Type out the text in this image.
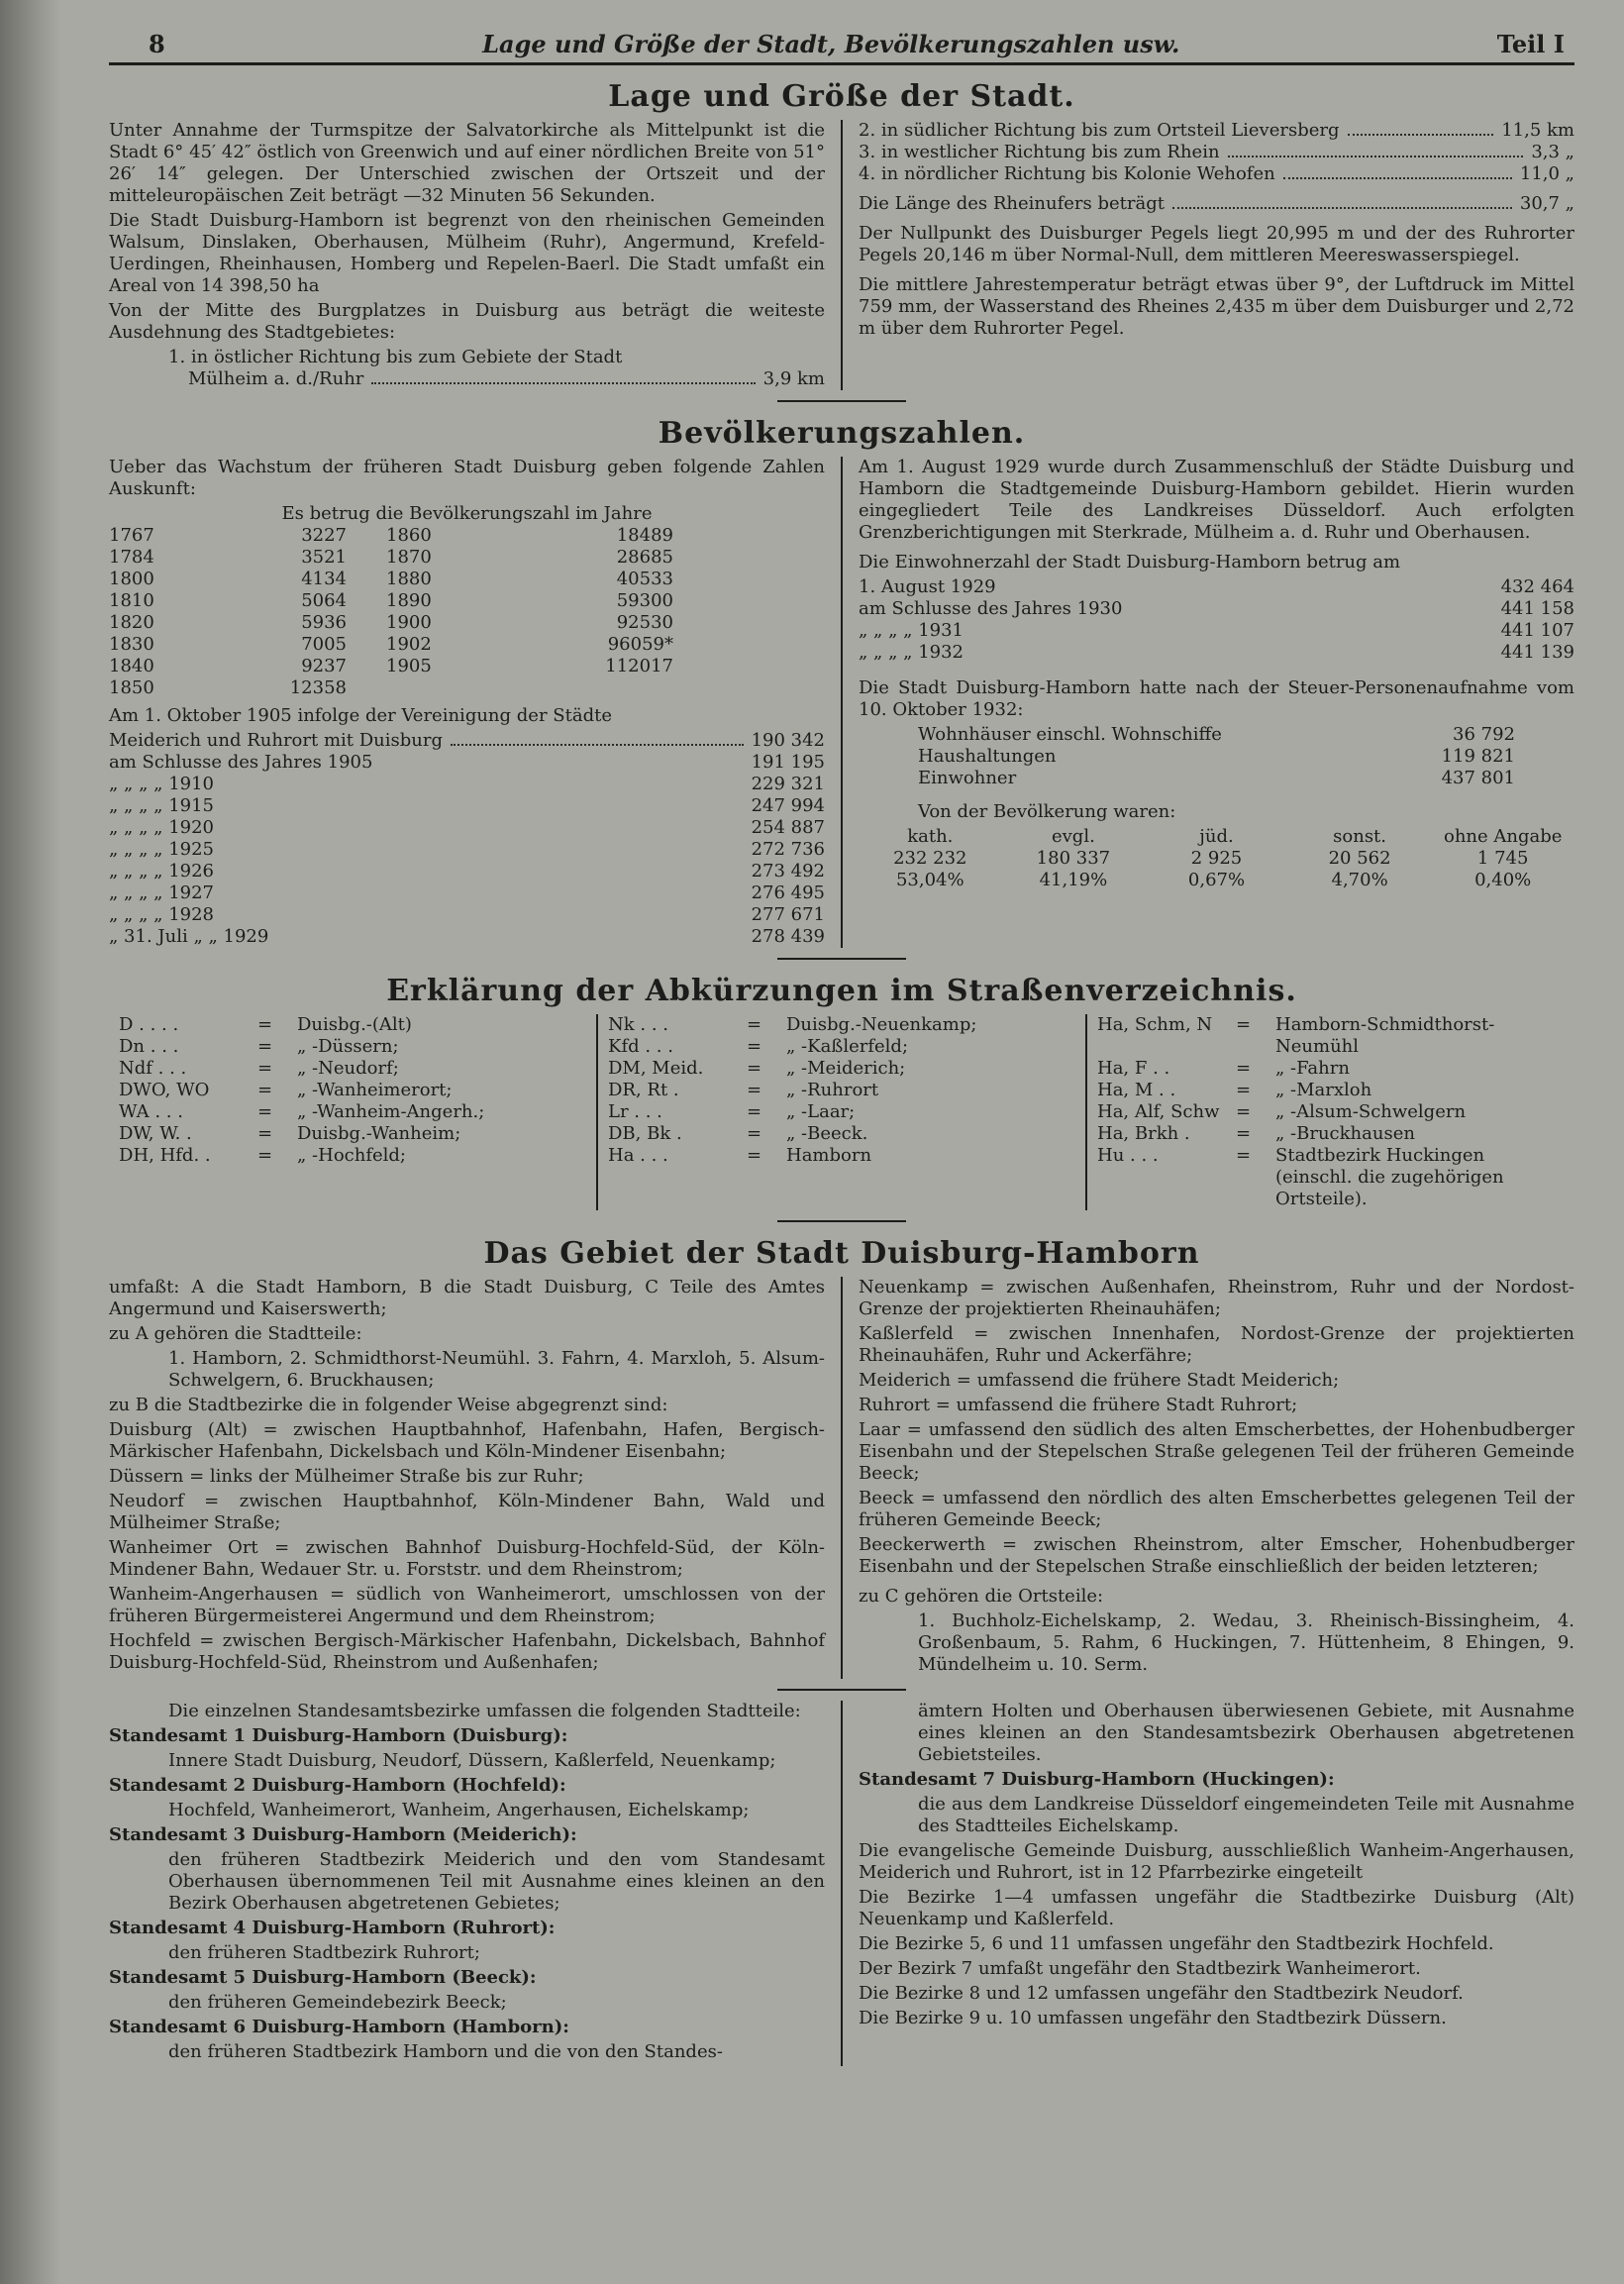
8	Lage und Größe der Stadt, Bevölkerungszahlen usw.	Teil I
Lage und Größe der Stadt.

Unter Annahme der Turmspitze der Salvatorkirche als Mittelpunkt ist die Stadt 6° 45′ 42″ östlich von Greenwich und auf einer nördlichen Breite von 51° 26′ 14″ gelegen. Der Unterschied zwischen der Ortszeit und der mitteleuropäischen Zeit beträgt —32 Minuten 56 Sekunden.

Die Stadt Duisburg-Hamborn ist begrenzt von den rheinischen Gemeinden Walsum, Dinslaken, Oberhausen, Mülheim (Ruhr), Angermund, Krefeld-Uerdingen, Rheinhausen, Homberg und Repelen-Baerl. Die Stadt umfaßt ein Areal von 14 398,50 ha

Von der Mitte des Burgplatzes in Duisburg aus beträgt die weiteste Ausdehnung des Stadtgebietes:

1. in östlicher Richtung bis zum Gebiete der Stadt
Mülheim a. d./Ruhr	3,9 km
2. in südlicher Richtung bis zum Ortsteil Lieversberg	11,5 km
3. in westlicher Richtung bis zum Rhein	3,3 „
4. in nördlicher Richtung bis Kolonie Wehofen	11,0 „
Die Länge des Rheinufers beträgt	30,7 „

Der Nullpunkt des Duisburger Pegels liegt 20,995 m und der des Ruhrorter Pegels 20,146 m über Normal-Null, dem mittleren Meereswasserspiegel.

Die mittlere Jahrestemperatur beträgt etwas über 9°, der Luftdruck im Mittel 759 mm, der Wasserstand des Rheines 2,435 m über dem Duisburger und 2,72 m über dem Ruhrorter Pegel.

Bevölkerungszahlen.

Ueber das Wachstum der früheren Stadt Duisburg geben folgende Zahlen Auskunft:

Es betrug die Bevölkerungszahl im Jahre
1767	3227	1860	18489
1784	3521	1870	28685
1800	4134	1880	40533
1810	5064	1890	59300
1820	5936	1900	92530
1830	7005	1902	96059*
1840	9237	1905	112017
1850	12358

Am 1. Oktober 1905 infolge der Vereinigung der Städte

Meiderich und Ruhrort mit Duisburg	190 342
am Schlusse des Jahres 1905	191 195
„ „ „ „ 1910	229 321
„ „ „ „ 1915	247 994
„ „ „ „ 1920	254 887
„ „ „ „ 1925	272 736
„ „ „ „ 1926	273 492
„ „ „ „ 1927	276 495
„ „ „ „ 1928	277 671
„ 31. Juli „ „ 1929	278 439

Am 1. August 1929 wurde durch Zusammenschluß der Städte Duisburg und Hamborn die Stadtgemeinde Duisburg-Hamborn gebildet. Hierin wurden eingegliedert Teile des Landkreises Düsseldorf. Auch erfolgten Grenzberichtigungen mit Sterkrade, Mülheim a. d. Ruhr und Oberhausen.

Die Einwohnerzahl der Stadt Duisburg-Hamborn betrug am

1. August 1929	432 464
am Schlusse des Jahres 1930	441 158
„ „ „ „ 1931	441 107
„ „ „ „ 1932	441 139

Die Stadt Duisburg-Hamborn hatte nach der Steuer-Personenaufnahme vom 10. Oktober 1932:

Wohnhäuser einschl. Wohnschiffe	36 792
Haushaltungen	119 821
Einwohner	437 801

Von der Bevölkerung waren:

kath.	evgl.	jüd.	sonst.	ohne Angabe
232 232	180 337	2 925	20 562	1 745
53,04%	41,19%	0,67%	4,70%	0,40%
Erklärung der Abkürzungen im Straßenverzeichnis.
D . . . .	=	Duisbg.-(Alt)
Dn . . .	=	„ -Düssern;
Ndf . . .	=	„ -Neudorf;
DWO, WO	=	„ -Wanheimerort;
WA . . .	=	„ -Wanheim-Angerh.;
DW, W. .	=	Duisbg.-Wanheim;
DH, Hfd. .	=	„ -Hochfeld;
Nk . . .	=	Duisbg.-Neuenkamp;
Kfd . . .	=	„ -Kaßlerfeld;
DM, Meid.	=	„ -Meiderich;
DR, Rt .	=	„ -Ruhrort
Lr . . .	=	„ -Laar;
DB, Bk .	=	„ -Beeck.
Ha . . .	=	Hamborn
Ha, Schm, N	=	Hamborn-Schmidthorst-Neumühl
Ha, F . .	=	„ -Fahrn
Ha, M . .	=	„ -Marxloh
Ha, Alf, Schw =	„ -Alsum-Schwelgern
Ha, Brkh .	=	„ -Bruckhausen
Hu . . .	=	Stadtbezirk Huckingen (einschl. die zugehörigen Ortsteile).
Das Gebiet der Stadt Duisburg-Hamborn

umfaßt: A die Stadt Hamborn, B die Stadt Duisburg, C Teile des Amtes Angermund und Kaiserswerth;

zu A gehören die Stadtteile:

1. Hamborn, 2. Schmidthorst-Neumühl. 3. Fahrn, 4. Marxloh, 5. Alsum-Schwelgern, 6. Bruckhausen;

zu B die Stadtbezirke die in folgender Weise abgegrenzt sind:

Duisburg (Alt) = zwischen Hauptbahnhof, Hafenbahn, Hafen, Bergisch-Märkischer Hafenbahn, Dickelsbach und Köln-Mindener Eisenbahn;

Düssern = links der Mülheimer Straße bis zur Ruhr;

Neudorf = zwischen Hauptbahnhof, Köln-Mindener Bahn, Wald und Mülheimer Straße;

Wanheimer Ort = zwischen Bahnhof Duisburg-Hochfeld-Süd, der Köln-Mindener Bahn, Wedauer Str. u. Forststr. und dem Rheinstrom;

Wanheim-Angerhausen = südlich von Wanheimerort, umschlossen von der früheren Bürgermeisterei Angermund und dem Rheinstrom;

Hochfeld = zwischen Bergisch-Märkischer Hafenbahn, Dickelsbach, Bahnhof Duisburg-Hochfeld-Süd, Rheinstrom und Außenhafen;

Neuenkamp = zwischen Außenhafen, Rheinstrom, Ruhr und der Nordost-Grenze der projektierten Rheinauhäfen;

Kaßlerfeld = zwischen Innenhafen, Nordost-Grenze der projektierten Rheinauhäfen, Ruhr und Ackerfähre;

Meiderich = umfassend die frühere Stadt Meiderich;

Ruhrort = umfassend die frühere Stadt Ruhrort;

Laar = umfassend den südlich des alten Emscherbettes, der Hohenbudberger Eisenbahn und der Stepelschen Straße gelegenen Teil der früheren Gemeinde Beeck;

Beeck = umfassend den nördlich des alten Emscherbettes gelegenen Teil der früheren Gemeinde Beeck;

Beeckerwerth = zwischen Rheinstrom, alter Emscher, Hohenbudberger Eisenbahn und der Stepelschen Straße einschließlich der beiden letzteren;

zu C gehören die Ortsteile:

1. Buchholz-Eichelskamp, 2. Wedau, 3. Rheinisch-Bissingheim, 4. Großenbaum, 5. Rahm, 6 Huckingen, 7. Hüttenheim, 8 Ehingen, 9. Mündelheim u. 10. Serm.

Die einzelnen Standesamtsbezirke umfassen die folgenden Stadtteile:

Standesamt 1 Duisburg-Hamborn (Duisburg):

Innere Stadt Duisburg, Neudorf, Düssern, Kaßlerfeld, Neuenkamp;

Standesamt 2 Duisburg-Hamborn (Hochfeld):

Hochfeld, Wanheimerort, Wanheim, Angerhausen, Eichelskamp;

Standesamt 3 Duisburg-Hamborn (Meiderich):

den früheren Stadtbezirk Meiderich und den vom Standesamt Oberhausen übernommenen Teil mit Ausnahme eines kleinen an den Bezirk Oberhausen abgetretenen Gebietes;

Standesamt 4 Duisburg-Hamborn (Ruhrort):

den früheren Stadtbezirk Ruhrort;

Standesamt 5 Duisburg-Hamborn (Beeck):

den früheren Gemeindebezirk Beeck;

Standesamt 6 Duisburg-Hamborn (Hamborn):

den früheren Stadtbezirk Hamborn und die von den Standes-

ämtern Holten und Oberhausen überwiesenen Gebiete, mit Ausnahme eines kleinen an den Standesamtsbezirk Oberhausen abgetretenen Gebietsteiles.

Standesamt 7 Duisburg-Hamborn (Huckingen):

die aus dem Landkreise Düsseldorf eingemeindeten Teile mit Ausnahme des Stadtteiles Eichelskamp.

Die evangelische Gemeinde Duisburg, ausschließlich Wanheim-Angerhausen, Meiderich und Ruhrort, ist in 12 Pfarrbezirke eingeteilt

Die Bezirke 1—4 umfassen ungefähr die Stadtbezirke Duisburg (Alt) Neuenkamp und Kaßlerfeld.

Die Bezirke 5, 6 und 11 umfassen ungefähr den Stadtbezirk Hochfeld.

Der Bezirk 7 umfaßt ungefähr den Stadtbezirk Wanheimerort.

Die Bezirke 8 und 12 umfassen ungefähr den Stadtbezirk Neudorf.

Die Bezirke 9 u. 10 umfassen ungefähr den Stadtbezirk Düssern.
